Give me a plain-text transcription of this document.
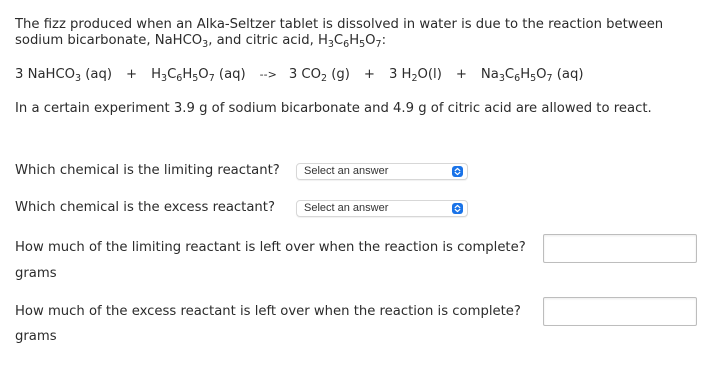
The fizz produced when an Alka-Seltzer tablet is dissolved in water is due to the reaction between
sodium bicarbonate, NaHCO$_3$, and citric acid, $H_3C_6H_5O_7$:
3 NaHCO$_3$ $(aq) + H_3C_6H_5O_7$ (aq) --> 3 $CO_2$ (g) + 3 $H_2O(l) + Na_3C_6H_5O_7$ (aq)
In a certain experiment 3.9 g of sodium bicarbonate and 4.9 g of citric acid are allowed to react.
Which chemical is the limiting reactant?	Select an answer
Which chemical is the excess reactant?	Select an answer
How much of the limiting reactant is left over when the reaction is complete?
grams
How much of the excess reactant is left over when the reaction is complete?
grams
